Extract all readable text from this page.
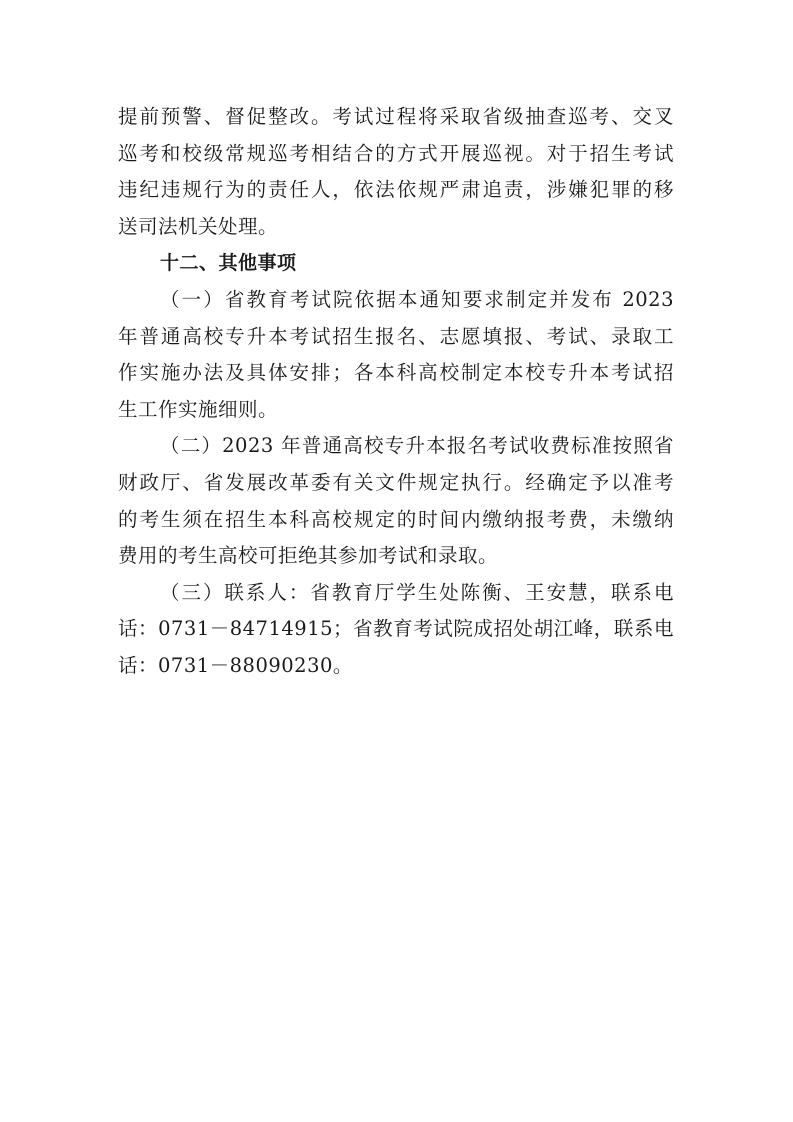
提前预警、督促整改。考试过程将采取省级抽查巡考、交叉
巡考和校级常规巡考相结合的方式开展巡视。对于招生考试
违纪违规行为的责任人，依法依规严肃追责，涉嫌犯罪的移
送司法机关处理。
十二、其他事项
（一）省教育考试院依据本通知要求制定并发布 2023
年普通高校专升本考试招生报名、志愿填报、考试、录取工
作实施办法及具体安排；各本科高校制定本校专升本考试招
生工作实施细则。
（二）2023 年普通高校专升本报名考试收费标准按照省
财政厅、省发展改革委有关文件规定执行。经确定予以准考
的考生须在招生本科高校规定的时间内缴纳报考费，未缴纳
费用的考生高校可拒绝其参加考试和录取。
（三）联系人：省教育厅学生处陈衡、王安慧，联系电
话：0731－84714915；省教育考试院成招处胡江峰，联系电
话：0731－88090230。
